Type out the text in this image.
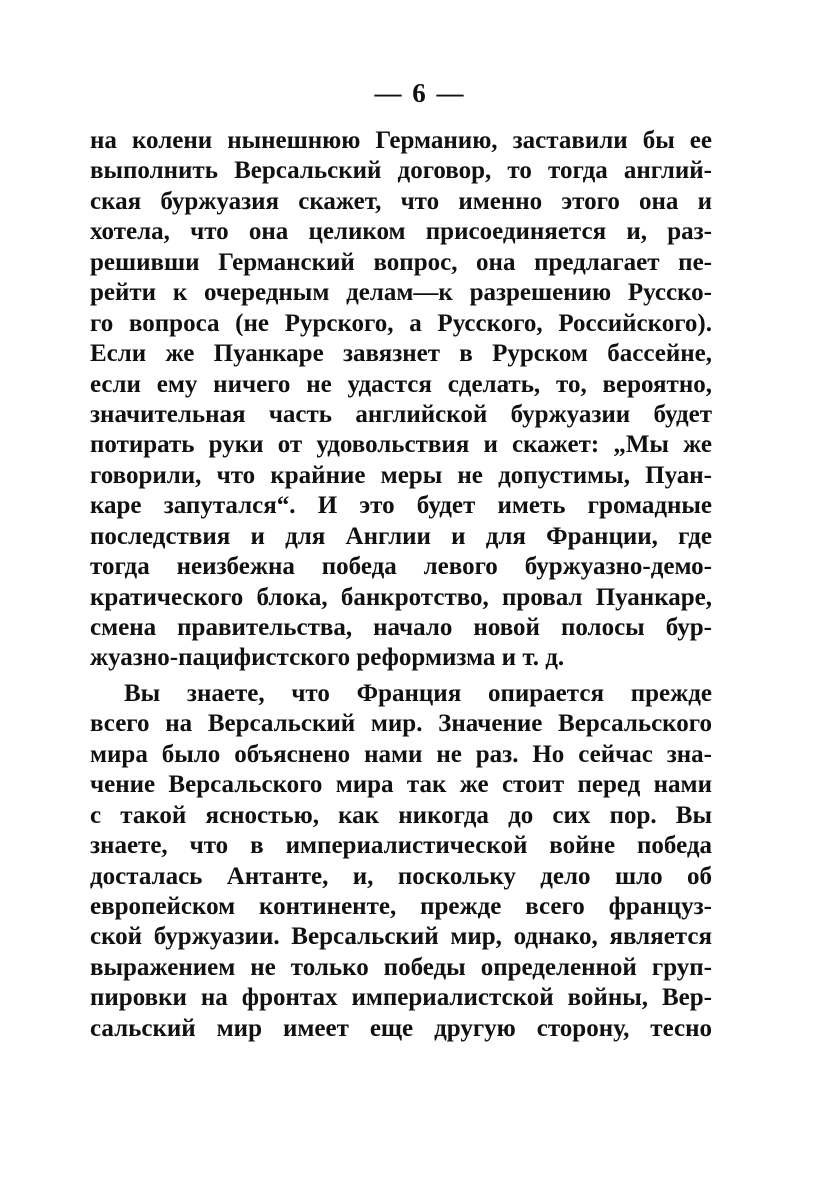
— 6 —
на колени нынешнюю Германию, заставили бы ее
выполнить Версальский договор, то тогда англий-
ская буржуазия скажет, что именно этого она и
хотела, что она целиком присоединяется и, раз-
решивши Германский вопрос, она предлагает пе-
рейти к очередным делам—к разрешению Русско-
го вопроса (не Рурского, а Русского, Российского).
Если же Пуанкаре завязнет в Рурском бассейне,
если ему ничего не удастся сделать, то, вероятно,
значительная часть английской буржуазии будет
потирать руки от удовольствия и скажет: „Мы же
говорили, что крайние меры не допустимы, Пуан-
каре запутался“. И это будет иметь громадные
последствия и для Англии и для Франции, где
тогда неизбежна победа левого буржуазно-демо-
кратического блока, банкротство, провал Пуанкаре,
смена правительства, начало новой полосы бур-
жуазно-пацифистского реформизма и т. д.
Вы знаете, что Франция опирается прежде
всего на Версальский мир. Значение Версальского
мира было объяснено нами не раз. Но сейчас зна-
чение Версальского мира так же стоит перед нами
с такой ясностью, как никогда до сих пор. Вы
знаете, что в империалистической войне победа
досталась Антанте, и, поскольку дело шло об
европейском континенте, прежде всего француз-
ской буржуазии. Версальский мир, однако, является
выражением не только победы определенной груп-
пировки на фронтах империалистской войны, Вер-
сальский мир имеет еще другую сторону, тесно
